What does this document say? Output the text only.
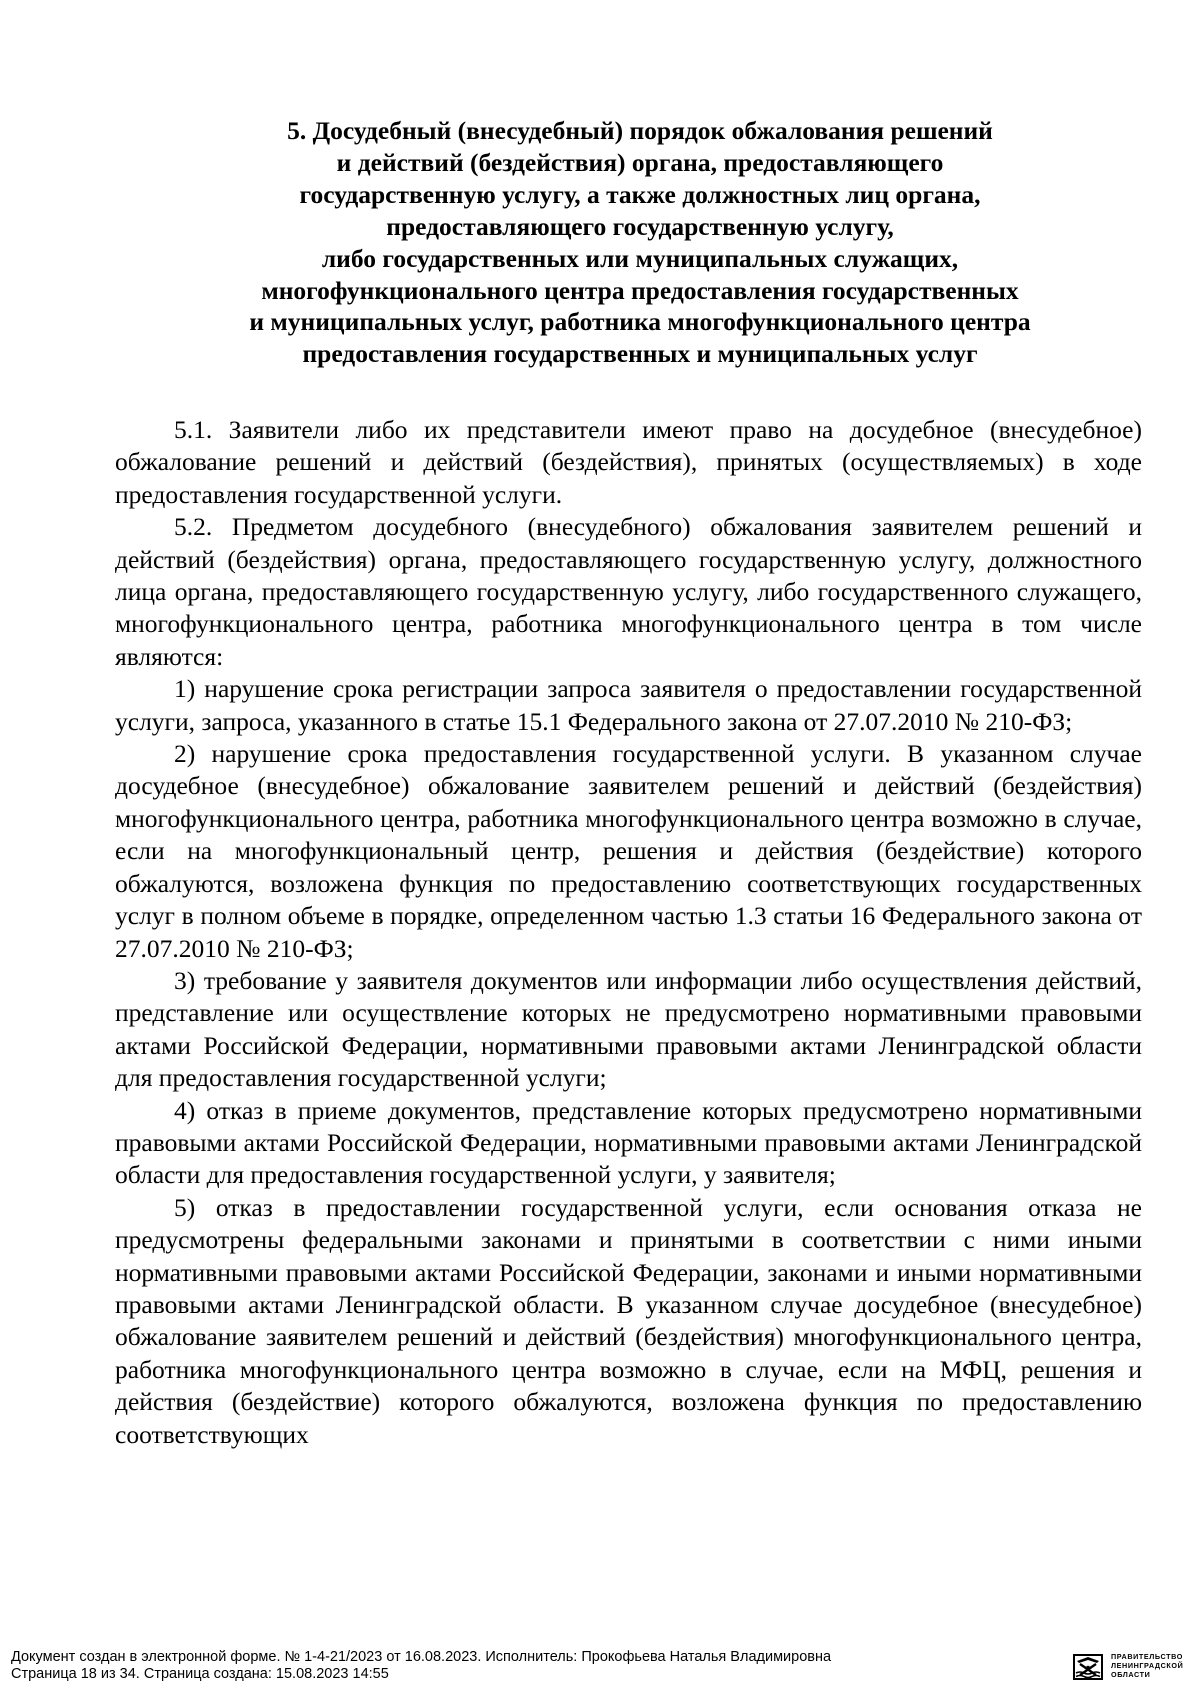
5. Досудебный (внесудебный) порядок обжалования решений
и действий (бездействия) органа, предоставляющего
государственную услугу, а также должностных лиц органа,
предоставляющего государственную услугу,
либо государственных или муниципальных служащих,
многофункционального центра предоставления государственных
и муниципальных услуг, работника многофункционального центра
предоставления государственных и муниципальных услуг

5.1. Заявители либо их представители имеют право на досудебное (внесудебное) обжалование решений и действий (бездействия), принятых (осуществляемых) в ходе предоставления государственной услуги.

5.2. Предметом досудебного (внесудебного) обжалования заявителем решений и действий (бездействия) органа, предоставляющего государственную услугу, должностного лица органа, предоставляющего государственную услугу, либо государственного служащего, многофункционального центра, работника многофункционального центра в том числе являются:

1) нарушение срока регистрации запроса заявителя о предоставлении государственной услуги, запроса, указанного в статье 15.1 Федерального закона от 27.07.2010 № 210-ФЗ;

2) нарушение срока предоставления государственной услуги. В указанном случае досудебное (внесудебное) обжалование заявителем решений и действий (бездействия) многофункционального центра, работника многофункционального центра возможно в случае, если на многофункциональный центр, решения и действия (бездействие) которого обжалуются, возложена функция по предоставлению соответствующих государственных услуг в полном объеме в порядке, определенном частью 1.3 статьи 16 Федерального закона от 27.07.2010 № 210-ФЗ;

3) требование у заявителя документов или информации либо осуществления действий, представление или осуществление которых не предусмотрено нормативными правовыми актами Российской Федерации, нормативными правовыми актами Ленинградской области для предоставления государственной услуги;

4) отказ в приеме документов, представление которых предусмотрено нормативными правовыми актами Российской Федерации, нормативными правовыми актами Ленинградской области для предоставления государственной услуги, у заявителя;

5) отказ в предоставлении государственной услуги, если основания отказа не предусмотрены федеральными законами и принятыми в соответствии с ними иными нормативными правовыми актами Российской Федерации, законами и иными нормативными правовыми актами Ленинградской области. В указанном случае досудебное (внесудебное) обжалование заявителем решений и действий (бездействия) многофункционального центра, работника многофункционального центра возможно в случае, если на МФЦ, решения и действия (бездействие) которого обжалуются, возложена функция по предоставлению соответствующих

Документ создан в электронной форме. № 1-4-21/2023 от 16.08.2023. Исполнитель: Прокофьева Наталья Владимировна
Страница 18 из 34. Страница создана: 15.08.2023 14:55
ПРАВИТЕЛЬСТВО
ЛЕНИНГРАДСКОЙ
ОБЛАСТИ
